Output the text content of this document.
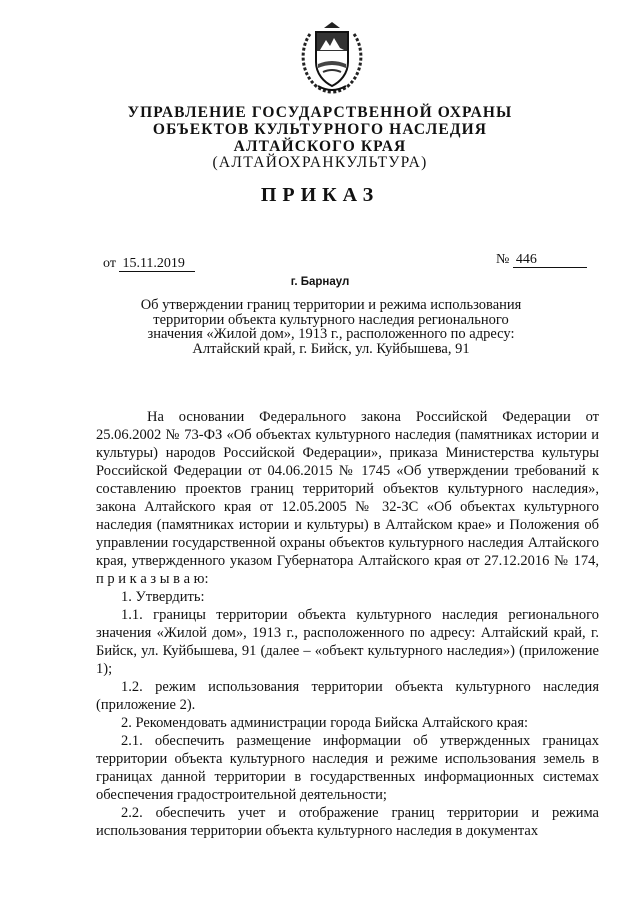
УПРАВЛЕНИЕ ГОСУДАРСТВЕННОЙ ОХРАНЫ
ОБЪЕКТОВ КУЛЬТУРНОГО НАСЛЕДИЯ
АЛТАЙСКОГО КРАЯ
(АЛТАЙОХРАНКУЛЬТУРА)
ПРИКАЗ
от 15.11.2019	№ 446
г. Барнаул
Об утверждении границ территории и режима использования
территории объекта культурного наследия регионального
значения «Жилой дом», 1913 г., расположенного по адресу:
Алтайский край, г. Бийск, ул. Куйбышева, 91

На основании Федерального закона Российской Федерации от 25.06.2002 № 73-ФЗ «Об объектах культурного наследия (памятниках истории и культуры) народов Российской Федерации», приказа Министерства культуры Российской Федерации от 04.06.2015 № 1745 «Об утверждении требований к составлению проектов границ территорий объектов культурного наследия», закона Алтайского края от 12.05.2005 № 32-ЗС «Об объектах культурного наследия (памятниках истории и культуры) в Алтайском крае» и Положения об управлении государственной охраны объектов культурного наследия Алтайского края, утвержденного указом Губернатора Алтайского края от 27.12.2016 № 174, п р и к а з ы в а ю:

1. Утвердить:

1.1. границы территории объекта культурного наследия регионального значения «Жилой дом», 1913 г., расположенного по адресу: Алтайский край, г. Бийск, ул. Куйбышева, 91 (далее – «объект культурного наследия») (приложение 1);

1.2. режим использования территории объекта культурного наследия (приложение 2).

2. Рекомендовать администрации города Бийска Алтайского края:

2.1. обеспечить размещение информации об утвержденных границах территории объекта культурного наследия и режиме использования земель в границах данной территории в государственных информационных системах обеспечения градостроительной деятельности;

2.2. обеспечить учет и отображение границ территории и режима использования территории объекта культурного наследия в документах
